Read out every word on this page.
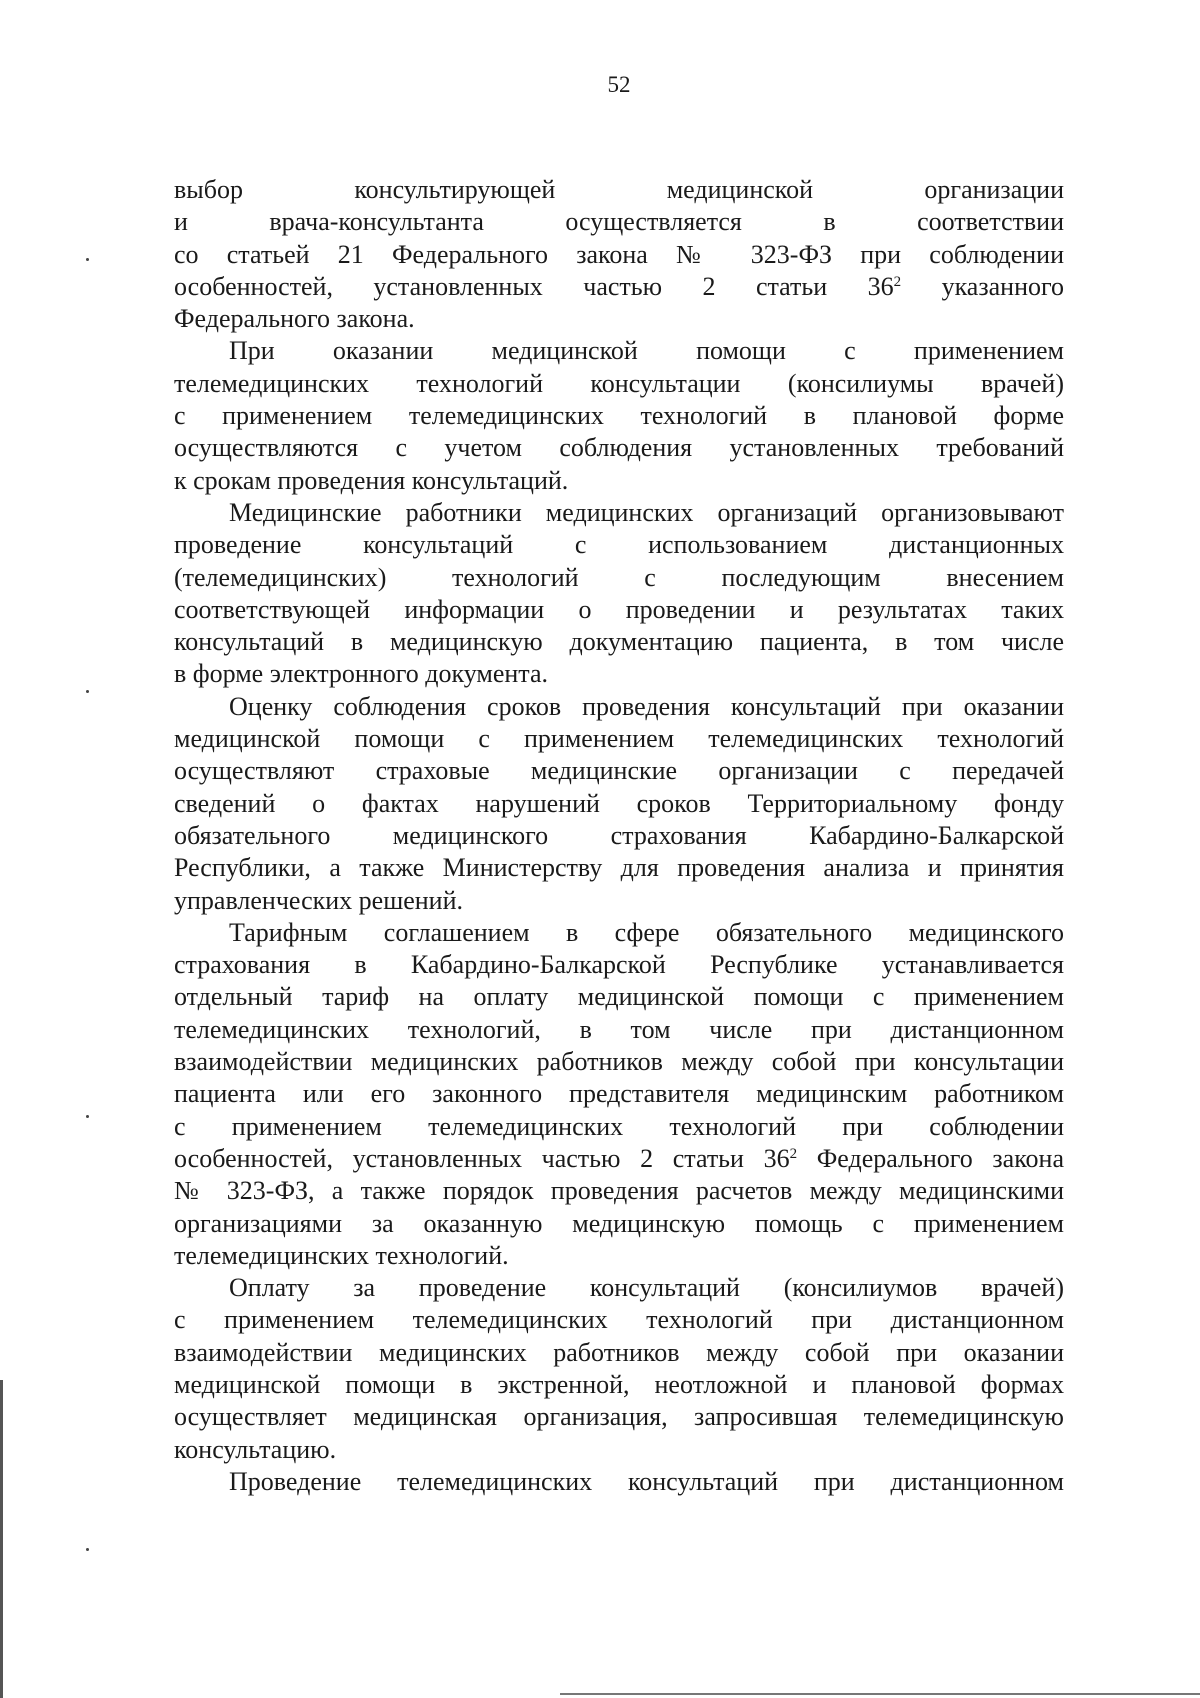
52
выбор консультирующей медицинской организации
и врача-консультанта осуществляется в соответствии
со статьей 21 Федерального закона № 323-ФЗ при соблюдении
особенностей, установленных частью 2 статьи $36^2$ указанного
Федерального закона.
При оказании медицинской помощи с применением
телемедицинских технологий консультации (консилиумы врачей)
с применением телемедицинских технологий в плановой форме
осуществляются с учетом соблюдения установленных требований
к срокам проведения консультаций.
Медицинские работники медицинских организаций организовывают
проведение консультаций с использованием дистанционных
(телемедицинских) технологий с последующим внесением
соответствующей информации о проведении и результатах таких
консультаций в медицинскую документацию пациента, в том числе
в форме электронного документа.
Оценку соблюдения сроков проведения консультаций при оказании
медицинской помощи с применением телемедицинских технологий
осуществляют страховые медицинские организации с передачей
сведений о фактах нарушений сроков Территориальному фонду
обязательного медицинского страхования Кабардино-Балкарской
Республики, а также Министерству для проведения анализа и принятия
управленческих решений.
Тарифным соглашением в сфере обязательного медицинского
страхования в Кабардино-Балкарской Республике устанавливается
отдельный тариф на оплату медицинской помощи с применением
телемедицинских технологий, в том числе при дистанционном
взаимодействии медицинских работников между собой при консультации
пациента или его законного представителя медицинским работником
с применением телемедицинских технологий при соблюдении
особенностей, установленных частью 2 статьи $36^2$ Федерального закона
№ 323-ФЗ, а также порядок проведения расчетов между медицинскими
организациями за оказанную медицинскую помощь с применением
телемедицинских технологий.
Оплату за проведение консультаций (консилиумов врачей)
с применением телемедицинских технологий при дистанционном
взаимодействии медицинских работников между собой при оказании
медицинской помощи в экстренной, неотложной и плановой формах
осуществляет медицинская организация, запросившая телемедицинскую
консультацию.
Проведение телемедицинских консультаций при дистанционном
